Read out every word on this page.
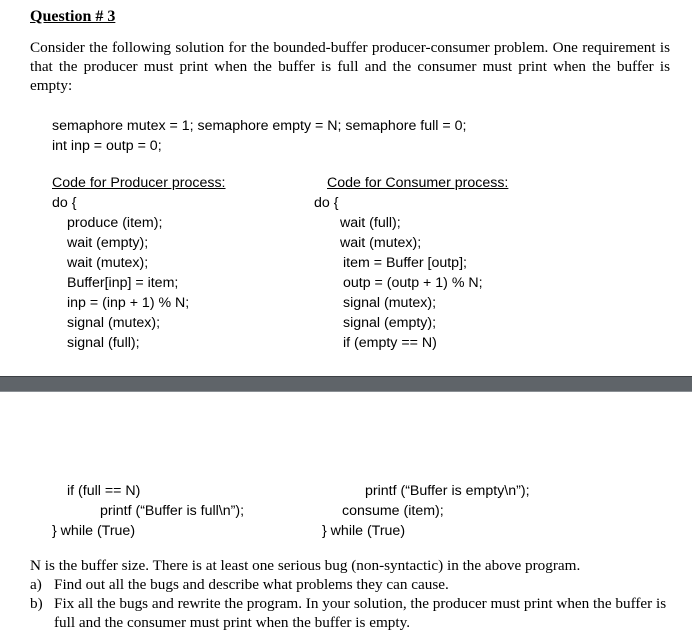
Question # 3
Consider the following solution for the bounded-buffer producer-consumer problem. One requirement is that the producer must print when the buffer is full and the consumer must print when the buffer is empty:
semaphore mutex = 1; semaphore empty = N; semaphore full = 0;
int inp = outp = 0;
Code for Producer process:
do {
produce (item);
wait (empty);
wait (mutex);
Buffer[inp] = item;
inp = (inp + 1) % N;
signal (mutex);
signal (full);
Code for Consumer process:
do {
wait (full);
wait (mutex);
item = Buffer [outp];
outp = (outp + 1) % N;
signal (mutex);
signal (empty);
if (empty == N)
if (full == N)
printf (“Buffer is full\n”);
} while (True)
printf (“Buffer is empty\n”);
consume (item);
} while (True)
N is the buffer size. There is at least one serious bug (non-syntactic) in the above program.
a) Find out all the bugs and describe what problems they can cause.
b) Fix all the bugs and rewrite the program. In your solution, the producer must print when the buffer is full and the consumer must print when the buffer is empty.
